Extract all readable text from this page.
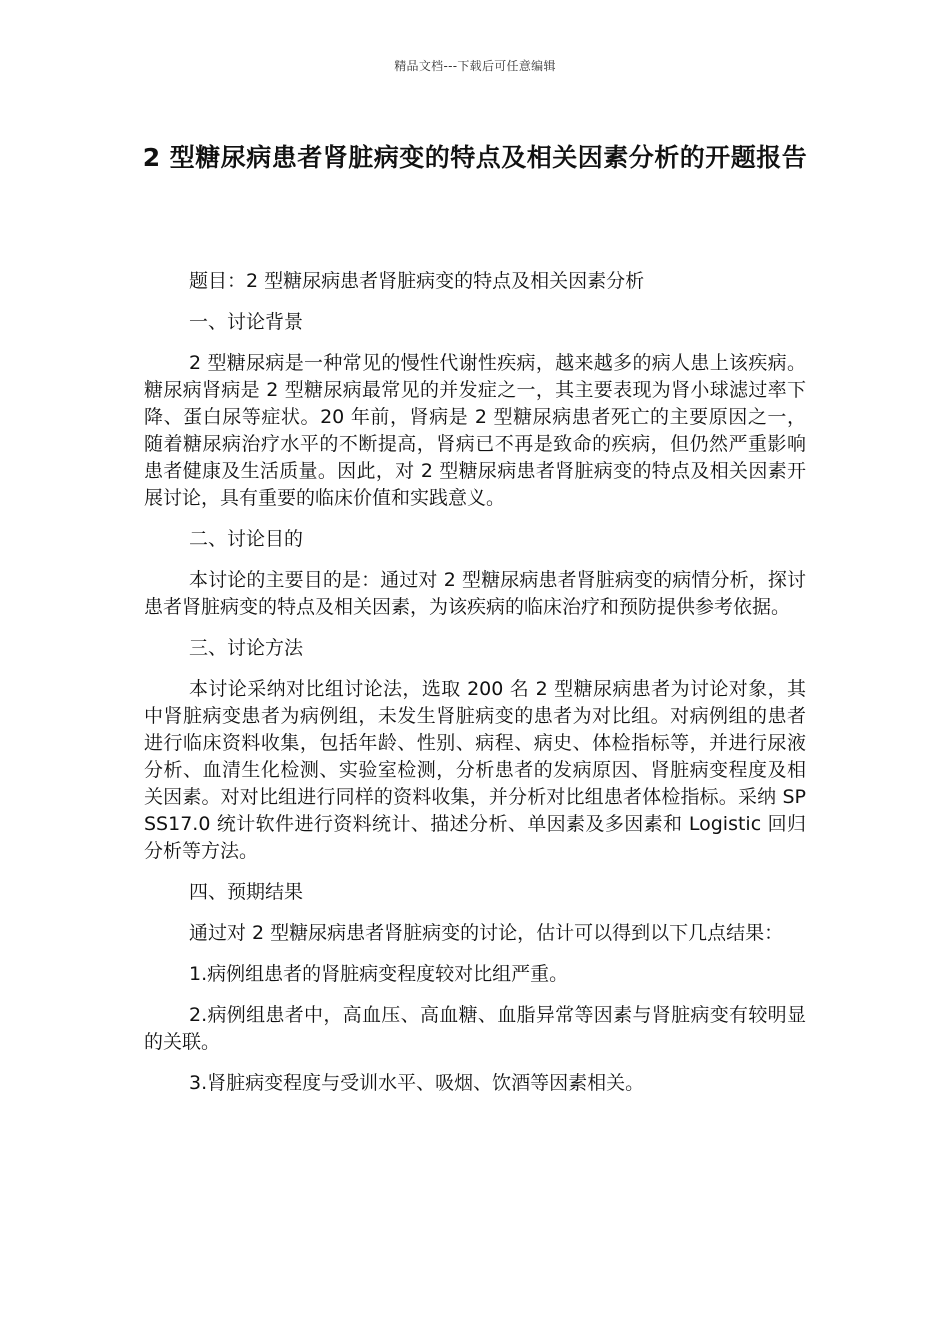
精品文档---下载后可任意编辑
2 型糖尿病患者肾脏病变的特点及相关因素分析的开题报告

题目：2 型糖尿病患者肾脏病变的特点及相关因素分析

一、讨论背景

2 型糖尿病是一种常见的慢性代谢性疾病，越来越多的病人患上该疾病。糖尿病肾病是 2 型糖尿病最常见的并发症之一，其主要表现为肾小球滤过率下降、蛋白尿等症状。20 年前，肾病是 2 型糖尿病患者死亡的主要原因之一，随着糖尿病治疗水平的不断提高，肾病已不再是致命的疾病，但仍然严重影响患者健康及生活质量。因此，对 2 型糖尿病患者肾脏病变的特点及相关因素开展讨论，具有重要的临床价值和实践意义。

二、讨论目的

本讨论的主要目的是：通过对 2 型糖尿病患者肾脏病变的病情分析，探讨患者肾脏病变的特点及相关因素，为该疾病的临床治疗和预防提供参考依据。

三、讨论方法

本讨论采纳对比组讨论法，选取 200 名 2 型糖尿病患者为讨论对象，其中肾脏病变患者为病例组，未发生肾脏病变的患者为对比组。对病例组的患者进行临床资料收集，包括年龄、性别、病程、病史、体检指标等，并进行尿液分析、血清生化检测、实验室检测，分析患者的发病原因、肾脏病变程度及相关因素。对对比组进行同样的资料收集，并分析对比组患者体检指标。采纳 SPSS17.0 统计软件进行资料统计、描述分析、单因素及多因素和 Logistic 回归分析等方法。

四、预期结果

通过对 2 型糖尿病患者肾脏病变的讨论，估计可以得到以下几点结果：

1.病例组患者的肾脏病变程度较对比组严重。

2.病例组患者中，高血压、高血糖、血脂异常等因素与肾脏病变有较明显的关联。

3.肾脏病变程度与受训水平、吸烟、饮酒等因素相关。
